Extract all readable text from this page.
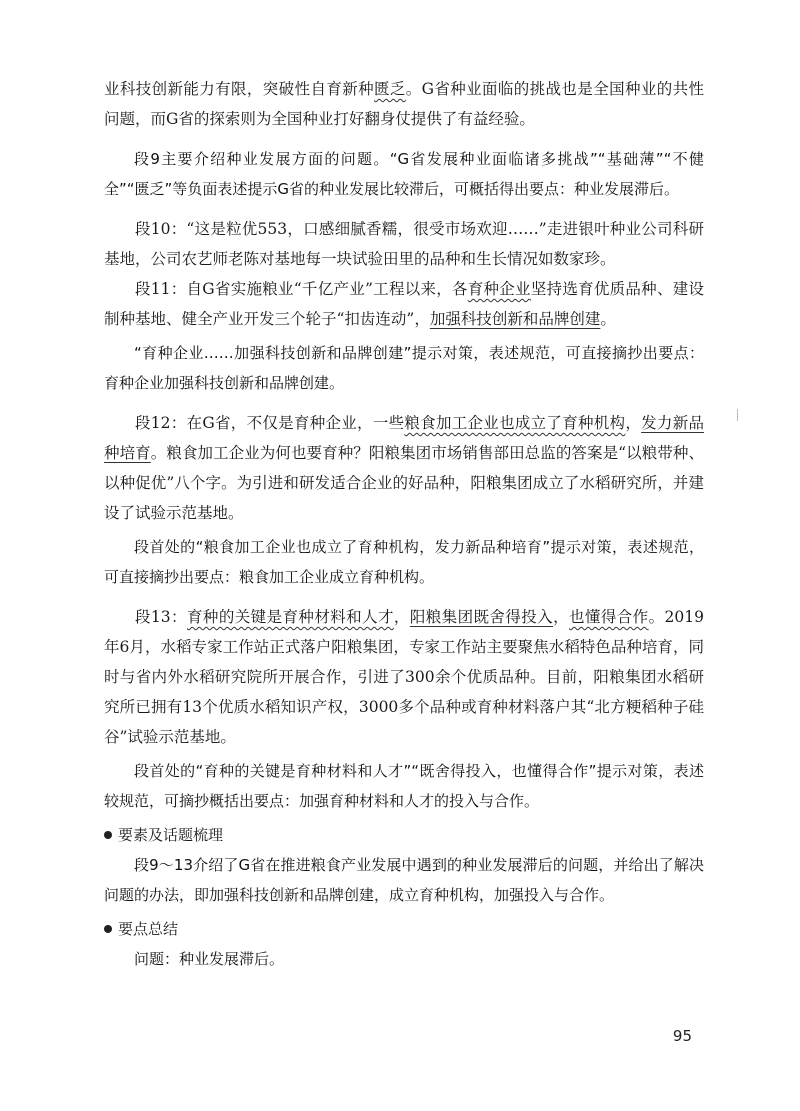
业科技创新能力有限，突破性自育新种匮乏。G省种业面临的挑战也是全国种业的共性问题，而G省的探索则为全国种业打好翻身仗提供了有益经验。

段9主要介绍种业发展方面的问题。“G省发展种业面临诸多挑战”“基础薄”“不健全”“匮乏”等负面表述提示G省的种业发展比较滞后，可概括得出要点：种业发展滞后。

段10：“这是粒优553，口感细腻香糯，很受市场欢迎……”走进银叶种业公司科研基地，公司农艺师老陈对基地每一块试验田里的品种和生长情况如数家珍。

段11：自G省实施粮业“千亿产业”工程以来，各育种企业坚持选育优质品种、建设制种基地、健全产业开发三个轮子“扣齿连动”，加强科技创新和品牌创建。

“育种企业……加强科技创新和品牌创建”提示对策，表述规范，可直接摘抄出要点：育种企业加强科技创新和品牌创建。

段12：在G省，不仅是育种企业，一些粮食加工企业也成立了育种机构，发力新品种培育。粮食加工企业为何也要育种？阳粮集团市场销售部田总监的答案是“以粮带种、以种促优”八个字。为引进和研发适合企业的好品种，阳粮集团成立了水稻研究所，并建设了试验示范基地。

段首处的“粮食加工企业也成立了育种机构，发力新品种培育”提示对策，表述规范，可直接摘抄出要点：粮食加工企业成立育种机构。

段13：育种的关键是育种材料和人才，阳粮集团既舍得投入，也懂得合作。2019年6月，水稻专家工作站正式落户阳粮集团，专家工作站主要聚焦水稻特色品种培育，同时与省内外水稻研究院所开展合作，引进了300余个优质品种。目前，阳粮集团水稻研究所已拥有13个优质水稻知识产权，3000多个品种或育种材料落户其“北方粳稻种子硅谷”试验示范基地。

段首处的“育种的关键是育种材料和人才”“既舍得投入，也懂得合作”提示对策，表述较规范，可摘抄概括出要点：加强育种材料和人才的投入与合作。

要素及话题梳理

段9～13介绍了G省在推进粮食产业发展中遇到的种业发展滞后的问题，并给出了解决问题的办法，即加强科技创新和品牌创建，成立育种机构，加强投入与合作。

要点总结

问题：种业发展滞后。

95
